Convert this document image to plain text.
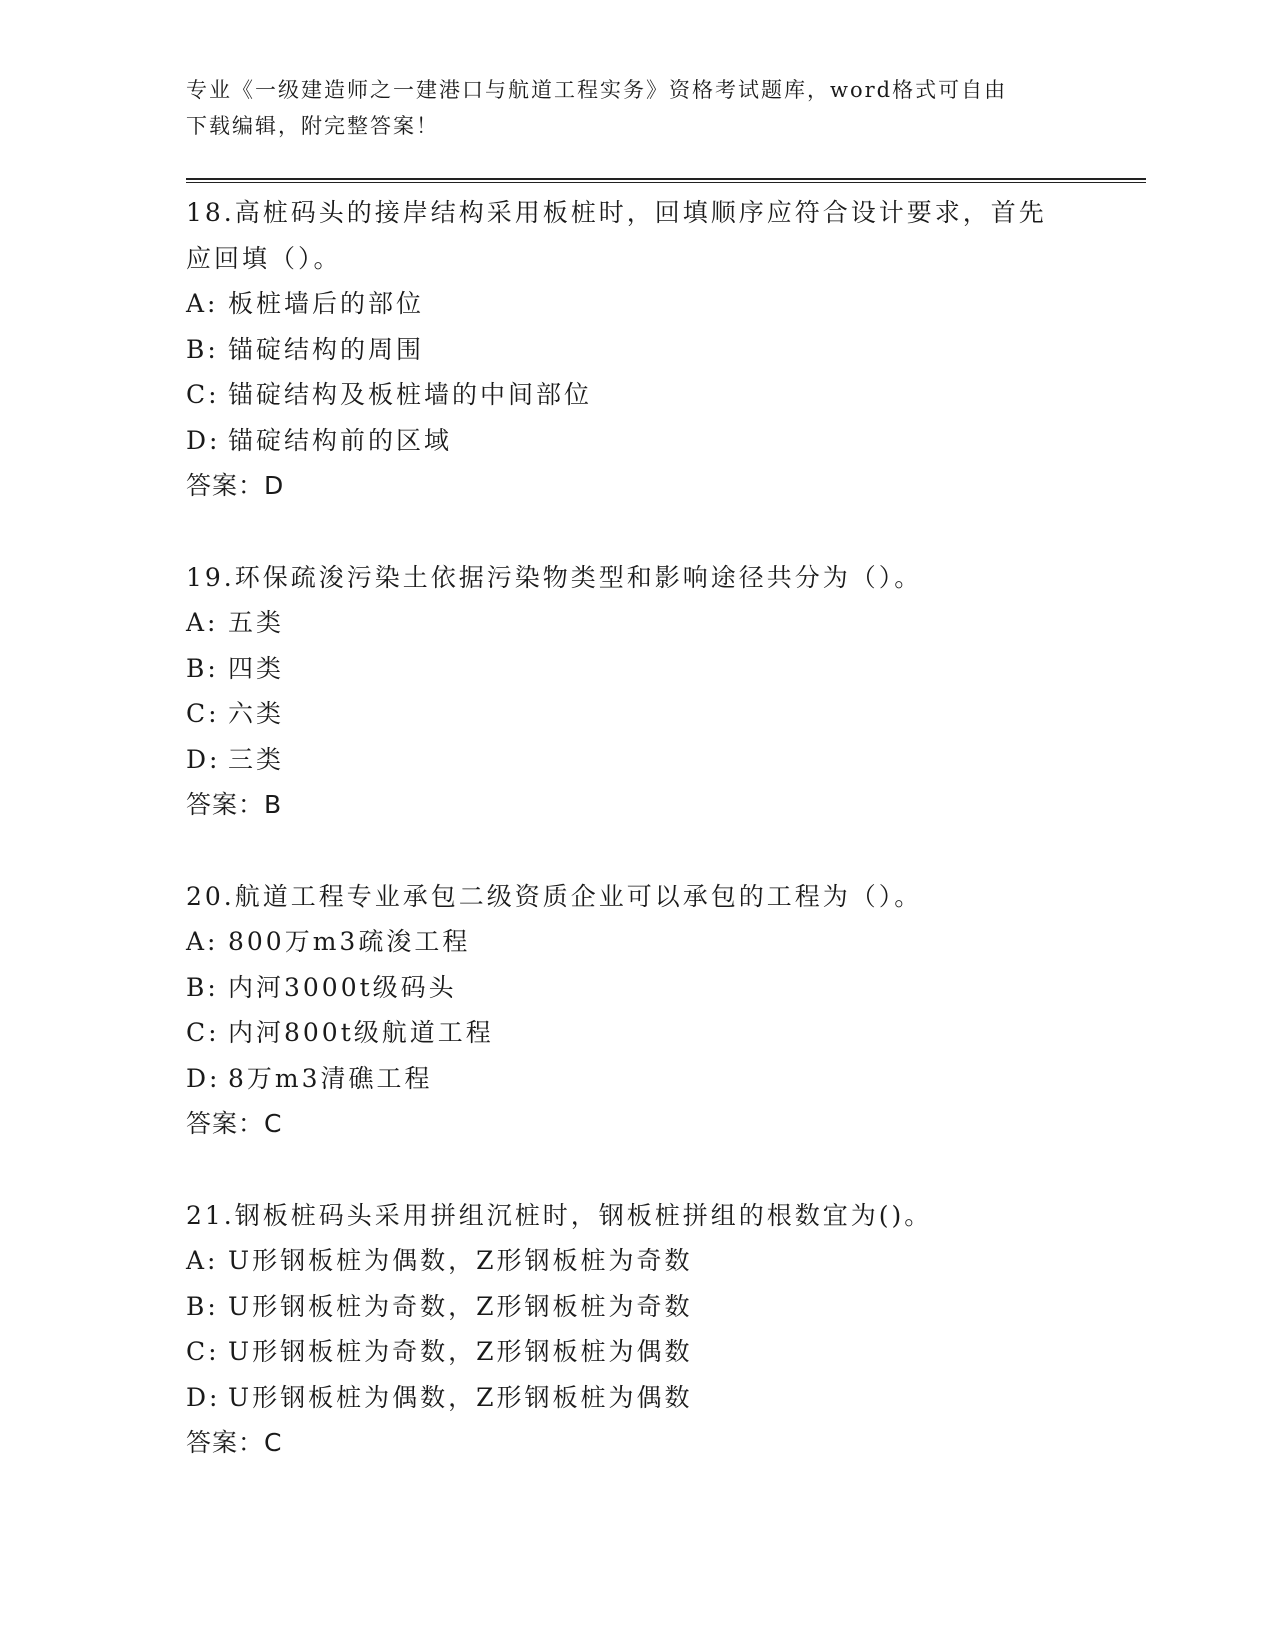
专业《一级建造师之一建港口与航道工程实务》资格考试题库，word格式可自由
下载编辑，附完整答案！
18.高桩码头的接岸结构采用板桩时，回填顺序应符合设计要求，首先
应回填（）。
A: 板桩墙后的部位
B: 锚碇结构的周围
C: 锚碇结构及板桩墙的中间部位
D: 锚碇结构前的区域
答案：D
19.环保疏浚污染土依据污染物类型和影响途径共分为（）。
A: 五类
B: 四类
C: 六类
D: 三类
答案：B
20.航道工程专业承包二级资质企业可以承包的工程为（）。
A: 800万m3疏浚工程
B: 内河3000t级码头
C: 内河800t级航道工程
D: 8万m3清礁工程
答案：C
21.钢板桩码头采用拼组沉桩时，钢板桩拼组的根数宜为()。
A: U形钢板桩为偶数，Z形钢板桩为奇数
B: U形钢板桩为奇数，Z形钢板桩为奇数
C: U形钢板桩为奇数，Z形钢板桩为偶数
D: U形钢板桩为偶数，Z形钢板桩为偶数
答案：C
